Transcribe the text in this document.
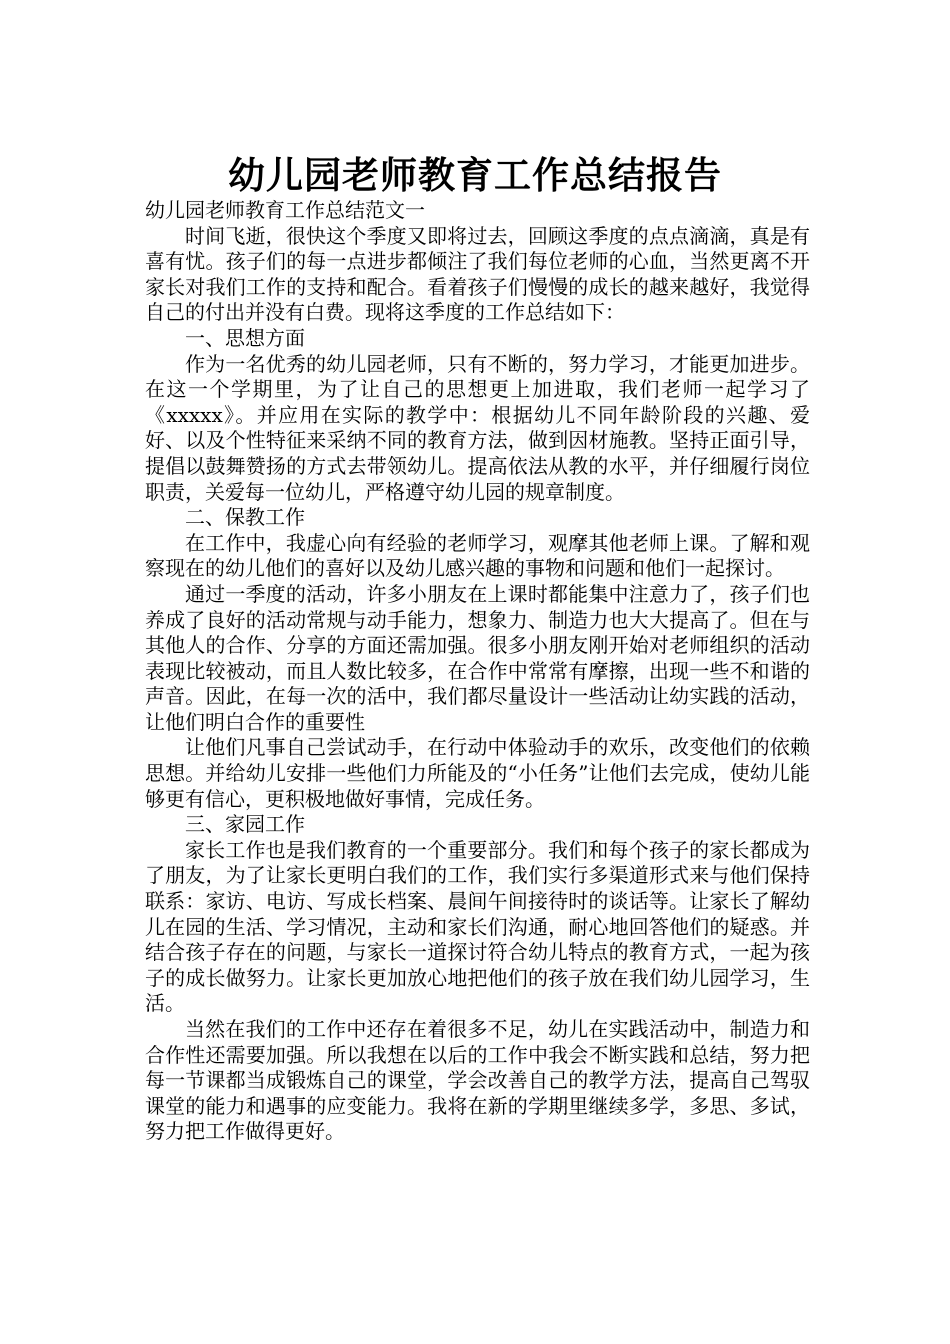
幼儿园老师教育工作总结报告

幼儿园老师教育工作总结范文一

时间飞逝，很快这个季度又即将过去，回顾这季度的点点滴滴，真是有喜有忧。孩子们的每一点进步都倾注了我们每位老师的心血，当然更离不开家长对我们工作的支持和配合。看着孩子们慢慢的成长的越来越好，我觉得自己的付出并没有白费。现将这季度的工作总结如下：

一、思想方面

作为一名优秀的幼儿园老师，只有不断的，努力学习，才能更加进步。在这一个学期里，为了让自己的思想更上加进取，我们老师一起学习了《xxxxx》。并应用在实际的教学中：根据幼儿不同年龄阶段的兴趣、爱好、以及个性特征来采纳不同的教育方法，做到因材施教。坚持正面引导，提倡以鼓舞赞扬的方式去带领幼儿。提高依法从教的水平，并仔细履行岗位职责，关爱每一位幼儿，严格遵守幼儿园的规章制度。

二、保教工作

在工作中，我虚心向有经验的老师学习，观摩其他老师上课。了解和观察现在的幼儿他们的喜好以及幼儿感兴趣的事物和问题和他们一起探讨。

通过一季度的活动，许多小朋友在上课时都能集中注意力了，孩子们也养成了良好的活动常规与动手能力，想象力、制造力也大大提高了。但在与其他人的合作、分享的方面还需加强。很多小朋友刚开始对老师组织的活动表现比较被动，而且人数比较多，在合作中常常有摩擦，出现一些不和谐的声音。因此，在每一次的活中，我们都尽量设计一些活动让幼实践的活动，让他们明白合作的重要性

让他们凡事自己尝试动手，在行动中体验动手的欢乐，改变他们的依赖思想。并给幼儿安排一些他们力所能及的“小任务”让他们去完成，使幼儿能够更有信心，更积极地做好事情，完成任务。

三、家园工作

家长工作也是我们教育的一个重要部分。我们和每个孩子的家长都成为了朋友，为了让家长更明白我们的工作，我们实行多渠道形式来与他们保持联系：家访、电访、写成长档案、晨间午间接待时的谈话等。让家长了解幼儿在园的生活、学习情况，主动和家长们沟通，耐心地回答他们的疑惑。并结合孩子存在的问题，与家长一道探讨符合幼儿特点的教育方式，一起为孩子的成长做努力。让家长更加放心地把他们的孩子放在我们幼儿园学习，生活。

当然在我们的工作中还存在着很多不足，幼儿在实践活动中，制造力和合作性还需要加强。所以我想在以后的工作中我会不断实践和总结，努力把每一节课都当成锻炼自己的课堂，学会改善自己的教学方法，提高自己驾驭课堂的能力和遇事的应变能力。我将在新的学期里继续多学，多思、多试，努力把工作做得更好。
